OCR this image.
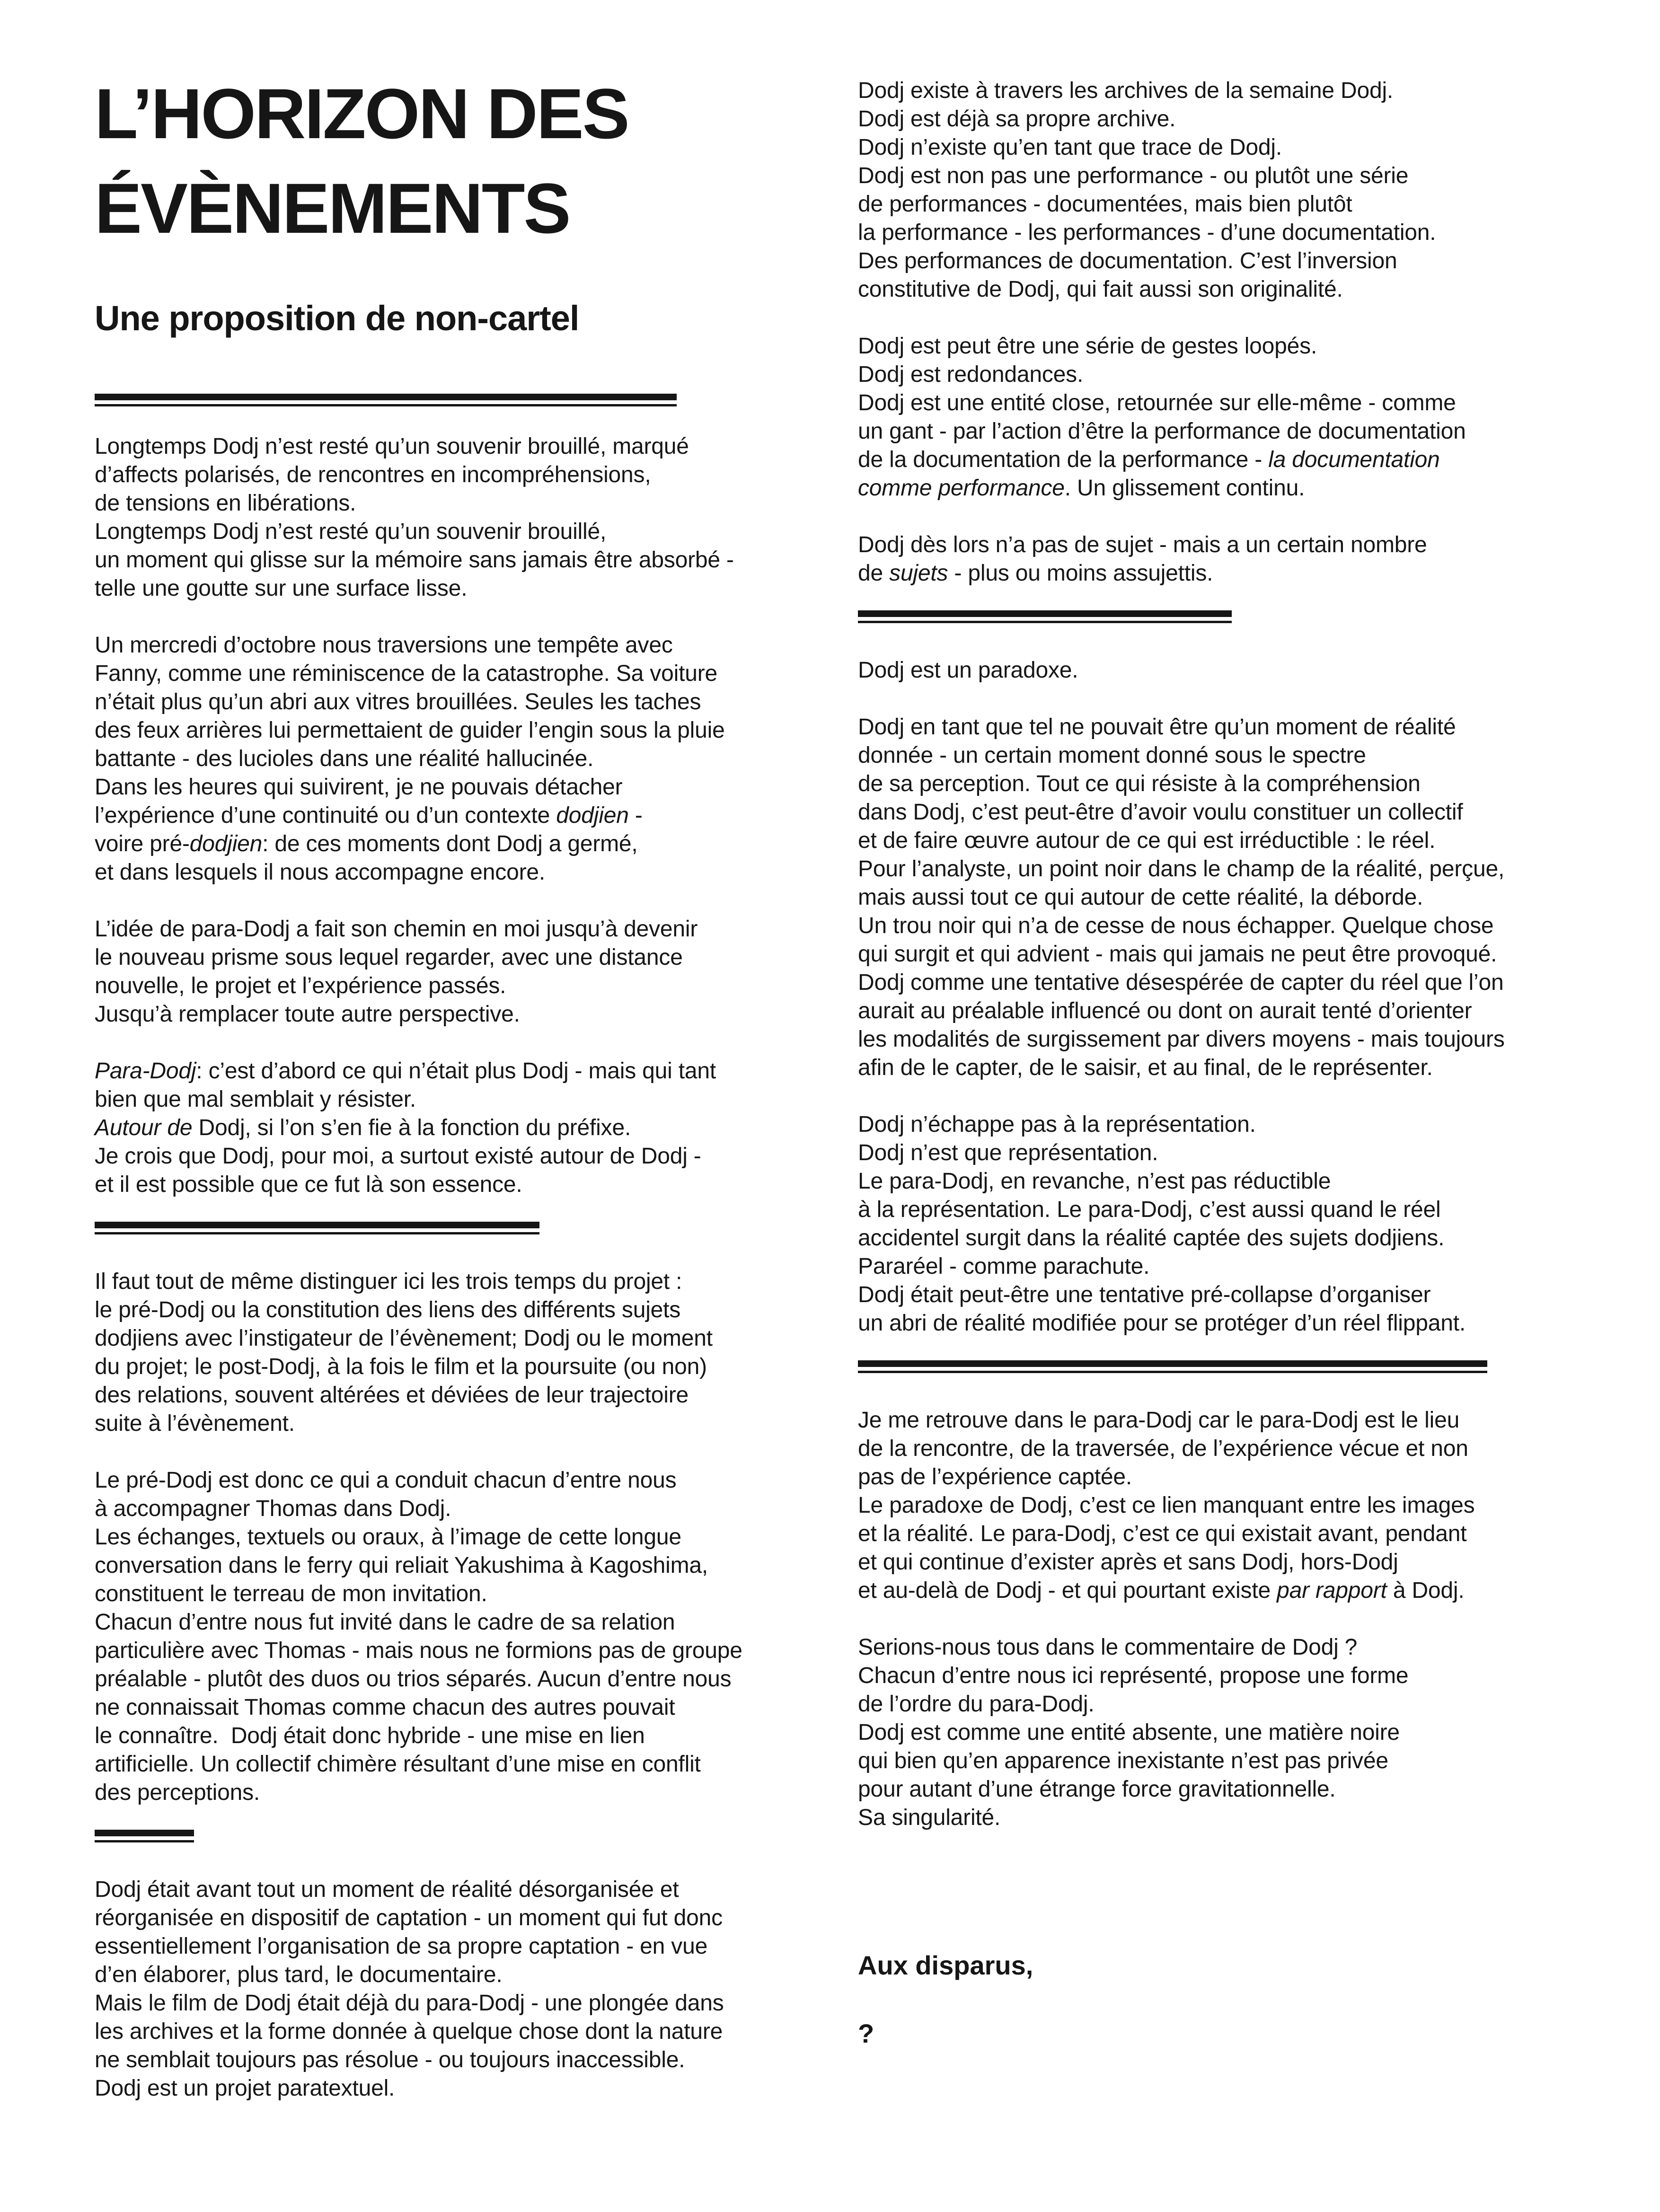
L’HORIZON DES
ÉVÈNEMENTS
Une proposition de non-cartel

Longtemps Dodj n’est resté qu’un souvenir brouillé, marqué
d’affects polarisés, de rencontres en incompréhensions,
de tensions en libérations.
Longtemps Dodj n’est resté qu’un souvenir brouillé,
un moment qui glisse sur la mémoire sans jamais être absorbé -
telle une goutte sur une surface lisse.

Un mercredi d’octobre nous traversions une tempête avec
Fanny, comme une réminiscence de la catastrophe. Sa voiture
n’était plus qu’un abri aux vitres brouillées. Seules les taches
des feux arrières lui permettaient de guider l’engin sous la pluie
battante - des lucioles dans une réalité hallucinée.
Dans les heures qui suivirent, je ne pouvais détacher
l’expérience d’une continuité ou d’un contexte dodjien -
voire pré-dodjien: de ces moments dont Dodj a germé,
et dans lesquels il nous accompagne encore.

L’idée de para-Dodj a fait son chemin en moi jusqu’à devenir
le nouveau prisme sous lequel regarder, avec une distance
nouvelle, le projet et l’expérience passés.
Jusqu’à remplacer toute autre perspective.

Para-Dodj: c’est d’abord ce qui n’était plus Dodj - mais qui tant
bien que mal semblait y résister.
Autour de Dodj, si l’on s’en fie à la fonction du préfixe.
Je crois que Dodj, pour moi, a surtout existé autour de Dodj -
et il est possible que ce fut là son essence.

Il faut tout de même distinguer ici les trois temps du projet :
le pré-Dodj ou la constitution des liens des différents sujets
dodjiens avec l’instigateur de l’évènement; Dodj ou le moment
du projet; le post-Dodj, à la fois le film et la poursuite (ou non)
des relations, souvent altérées et déviées de leur trajectoire
suite à l’évènement.

Le pré-Dodj est donc ce qui a conduit chacun d’entre nous
à accompagner Thomas dans Dodj.
Les échanges, textuels ou oraux, à l’image de cette longue
conversation dans le ferry qui reliait Yakushima à Kagoshima,
constituent le terreau de mon invitation.
Chacun d’entre nous fut invité dans le cadre de sa relation
particulière avec Thomas - mais nous ne formions pas de groupe
préalable - plutôt des duos ou trios séparés. Aucun d’entre nous
ne connaissait Thomas comme chacun des autres pouvait
le connaître.  Dodj était donc hybride - une mise en lien
artificielle. Un collectif chimère résultant d’une mise en conflit
des perceptions.

Dodj était avant tout un moment de réalité désorganisée et
réorganisée en dispositif de captation - un moment qui fut donc
essentiellement l’organisation de sa propre captation - en vue
d’en élaborer, plus tard, le documentaire.
Mais le film de Dodj était déjà du para-Dodj - une plongée dans
les archives et la forme donnée à quelque chose dont la nature
ne semblait toujours pas résolue - ou toujours inaccessible.
Dodj est un projet paratextuel.

Dodj existe à travers les archives de la semaine Dodj.
Dodj est déjà sa propre archive.
Dodj n’existe qu’en tant que trace de Dodj.
Dodj est non pas une performance - ou plutôt une série
de performances - documentées, mais bien plutôt
la performance - les performances - d’une documentation.
Des performances de documentation. C’est l’inversion
constitutive de Dodj, qui fait aussi son originalité.

Dodj est peut être une série de gestes loopés.
Dodj est redondances.
Dodj est une entité close, retournée sur elle-même - comme
un gant - par l’action d’être la performance de documentation
de la documentation de la performance - la documentation
comme performance. Un glissement continu.

Dodj dès lors n’a pas de sujet - mais a un certain nombre
de sujets - plus ou moins assujettis.

Dodj est un paradoxe.

Dodj en tant que tel ne pouvait être qu’un moment de réalité
donnée - un certain moment donné sous le spectre
de sa perception. Tout ce qui résiste à la compréhension
dans Dodj, c’est peut-être d’avoir voulu constituer un collectif
et de faire œuvre autour de ce qui est irréductible : le réel.
Pour l’analyste, un point noir dans le champ de la réalité, perçue,
mais aussi tout ce qui autour de cette réalité, la déborde.
Un trou noir qui n’a de cesse de nous échapper. Quelque chose
qui surgit et qui advient - mais qui jamais ne peut être provoqué.
Dodj comme une tentative désespérée de capter du réel que l’on
aurait au préalable influencé ou dont on aurait tenté d’orienter
les modalités de surgissement par divers moyens - mais toujours
afin de le capter, de le saisir, et au final, de le représenter.

Dodj n’échappe pas à la représentation.
Dodj n’est que représentation.
Le para-Dodj, en revanche, n’est pas réductible
à la représentation. Le para-Dodj, c’est aussi quand le réel
accidentel surgit dans la réalité captée des sujets dodjiens.
Pararéel - comme parachute.
Dodj était peut-être une tentative pré-collapse d’organiser
un abri de réalité modifiée pour se protéger d’un réel flippant.

Je me retrouve dans le para-Dodj car le para-Dodj est le lieu
de la rencontre, de la traversée, de l’expérience vécue et non
pas de l’expérience captée.
Le paradoxe de Dodj, c’est ce lien manquant entre les images
et la réalité. Le para-Dodj, c’est ce qui existait avant, pendant
et qui continue d’exister après et sans Dodj, hors-Dodj
et au-delà de Dodj - et qui pourtant existe par rapport à Dodj.

Serions-nous tous dans le commentaire de Dodj ?
Chacun d’entre nous ici représenté, propose une forme
de l’ordre du para-Dodj.
Dodj est comme une entité absente, une matière noire
qui bien qu’en apparence inexistante n’est pas privée
pour autant d’une étrange force gravitationnelle.
Sa singularité.

Aux disparus,

?
